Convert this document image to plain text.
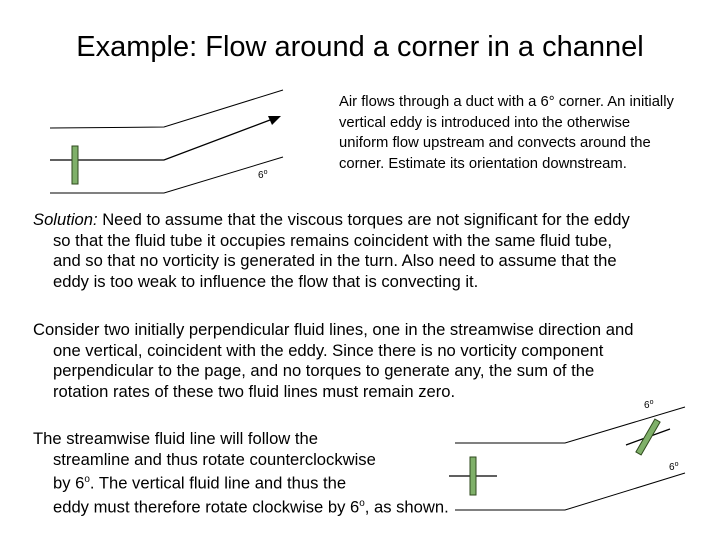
Example: Flow around a corner in a channel
6$^o$
6$^o$
6$^o$
Air flows through a duct with a 6° corner. An initially
vertical eddy is introduced into the otherwise
uniform flow upstream and convects around the
corner. Estimate its orientation downstream.
Solution: Need to assume that the viscous torques are not significant for the eddy
so that the fluid tube it occupies remains coincident with the same fluid tube,
and so that no vorticity is generated in the turn. Also need to assume that the
eddy is too weak to influence the flow that is convecting it.
Consider two initially perpendicular fluid lines, one in the streamwise direction and
one vertical, coincident with the eddy. Since there is no vorticity component
perpendicular to the page, and no torques to generate any, the sum of the
rotation rates of these two fluid lines must remain zero.
The streamwise fluid line will follow the
streamline and thus rotate counterclockwise
by 6$^o$. The vertical fluid line and thus the
eddy must therefore rotate clockwise by 6$^o$, as shown.
